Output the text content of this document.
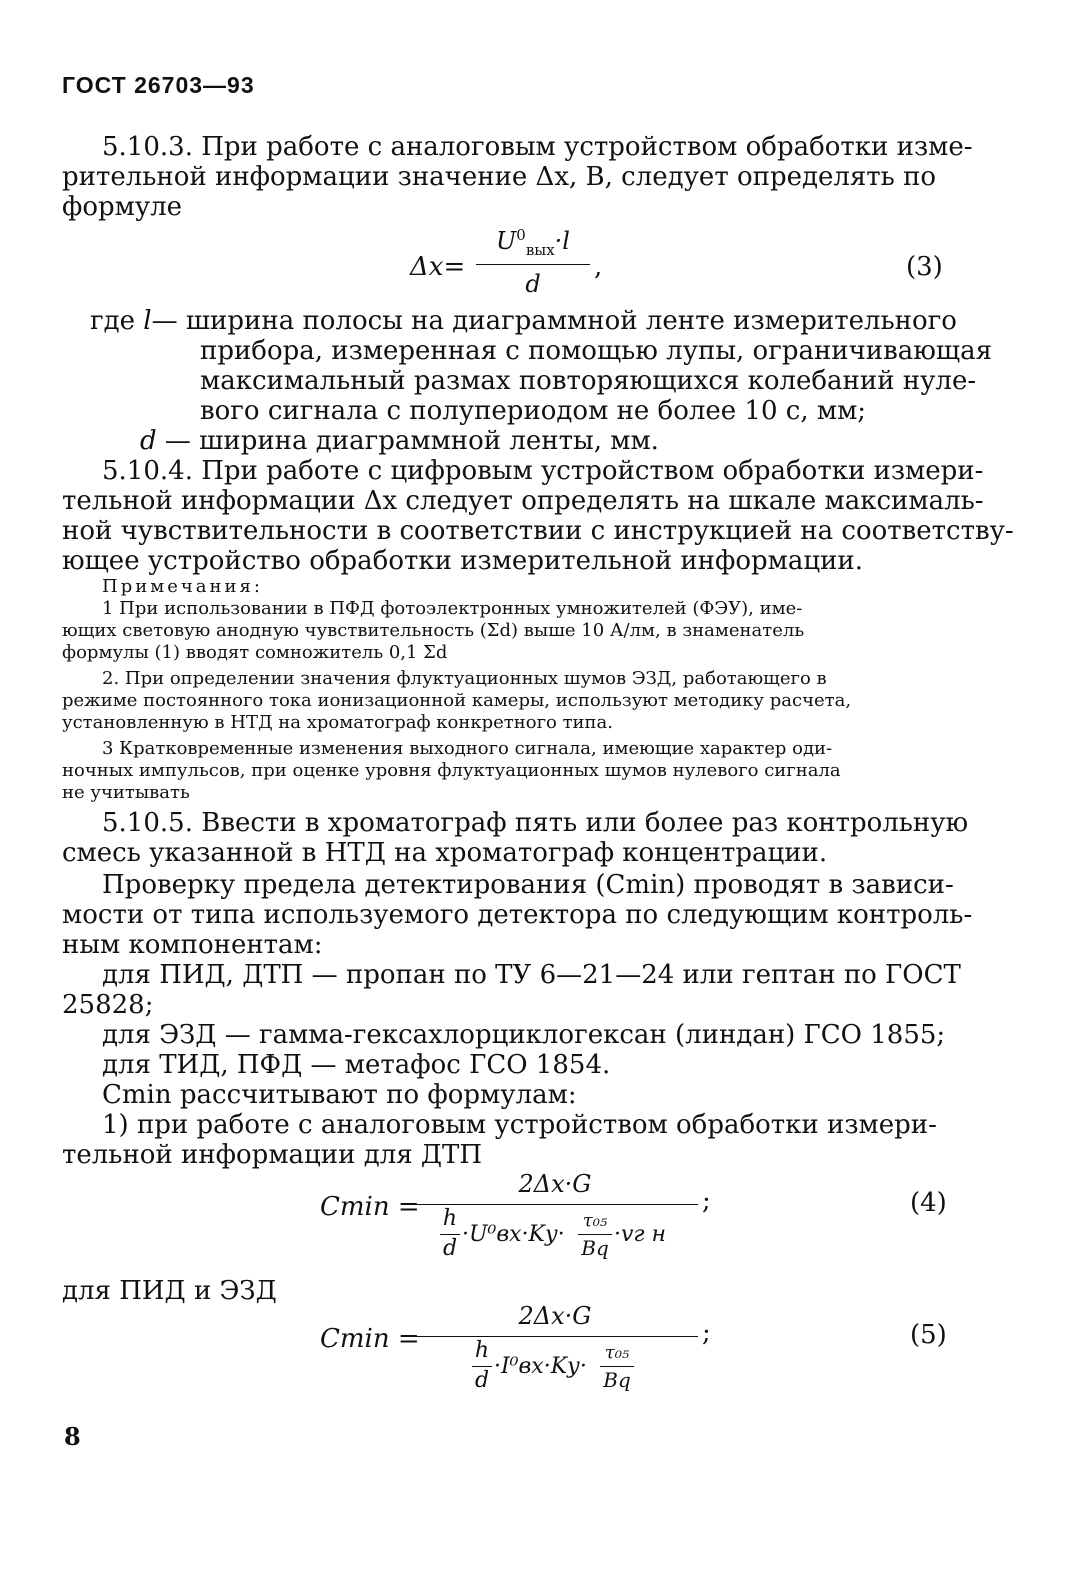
ГОСТ 26703—93
5.10.3. При работе с аналоговым устройством обработки изме-
рительной информации значение Δx, В, следует определять по
формуле
Δx=
$U^0_{вых}\cdot l$
d
,	(3)
где l— ширина полосы на диаграммной ленте измерительного
прибора, измеренная с помощью лупы, ограничивающая
максимальный размах повторяющихся колебаний нуле-
вого сигнала с полупериодом не более 10 с, мм;
d — ширина диаграммной ленты, мм.
5.10.4. При работе с цифровым устройством обработки измери-
тельной информации Δx следует определять на шкале максималь-
ной чувствительности в соответствии с инструкцией на соответству-
ющее устройство обработки измерительной информации.
Примечания:
1 При использовании в ПФД фотоэлектронных умножителей (ФЭУ), име-
ющих световую анодную чувствительность (Σd) выше 10 А/лм, в знаменатель
формулы (1) вводят сомножитель 0,1 Σd
2. При определении значения флуктуационных шумов ЭЗД, работающего в
режиме постоянного тока ионизационной камеры, используют методику расчета,
установленную в НТД на хроматограф конкретного типа.
3 Кратковременные изменения выходного сигнала, имеющие характер оди-
ночных импульсов, при оценке уровня флуктуационных шумов нулевого сигнала
не учитывать
5.10.5. Ввести в хроматограф пять или более раз контрольную
смесь указанной в НТД на хроматограф концентрации.
Проверку предела детектирования (Cmin) проводят в зависи-
мости от типа используемого детектора по следующим контроль-
ным компонентам:
для ПИД, ДТП — пропан по ТУ 6—21—24 или гептан по ГОСТ
25828;
для ЭЗД — гамма-гексахлорциклогексан (линдан) ГСО 1855;
для ТИД, ПФД — метафос ГСО 1854.
Cmin рассчитывают по формулам:
1) при работе с аналоговым устройством обработки измери-
тельной информации для ДТП
Cmin =
2Δx·G
h
d
·U⁰вх·Kу·
τ₀₅
Bq
·vг н
;	(4)
для ПИД и ЭЗД
Cmin =
2Δx·G
h
d
·I⁰вх·Kу·
τ₀₅
Bq
;	(5)
8
